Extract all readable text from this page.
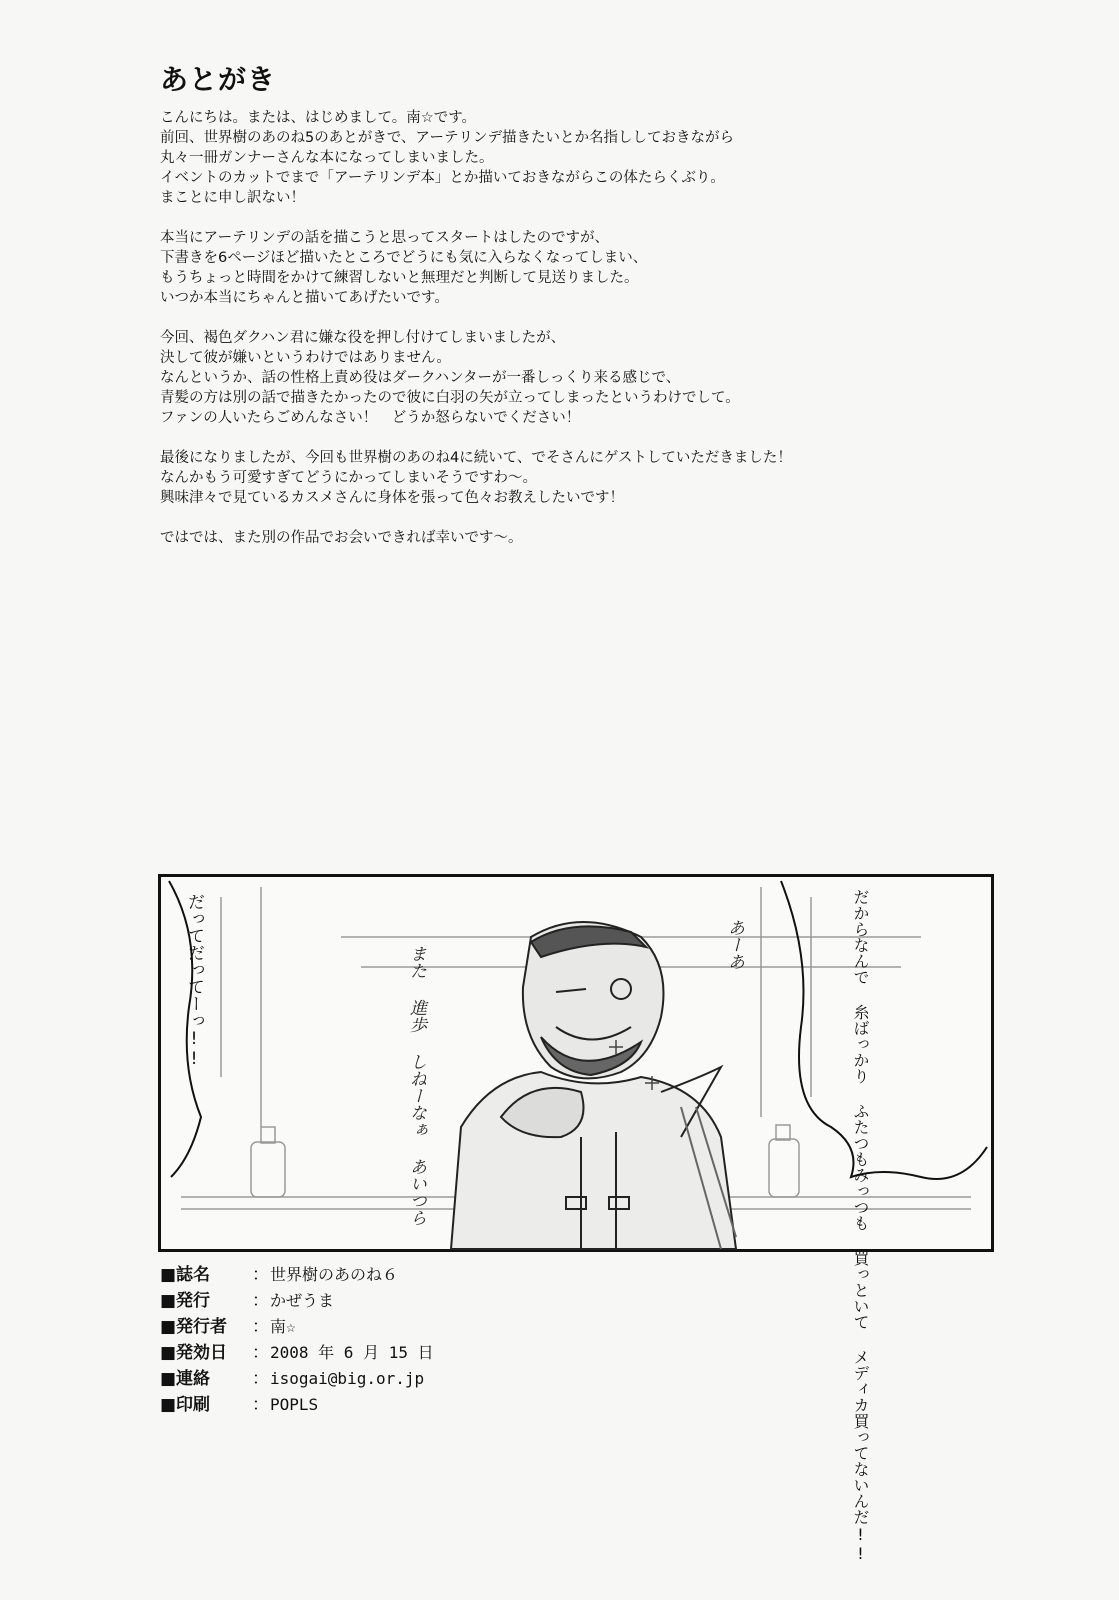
あとがき

こんにちは。または、はじめまして。南☆です。
前回、世界樹のあのね5のあとがきで、アーテリンデ描きたいとか名指ししておきながら
丸々一冊ガンナーさんな本になってしまいました。
イベントのカットでまで「アーテリンデ本」とか描いておきながらこの体たらくぶり。
まことに申し訳ない！

本当にアーテリンデの話を描こうと思ってスタートはしたのですが、
下書きを6ページほど描いたところでどうにも気に入らなくなってしまい、
もうちょっと時間をかけて練習しないと無理だと判断して見送りました。
いつか本当にちゃんと描いてあげたいです。

今回、褐色ダクハン君に嫌な役を押し付けてしまいましたが、
決して彼が嫌いというわけではありません。
なんというか、話の性格上責め役はダークハンターが一番しっくり来る感じで、
青髪の方は別の話で描きたかったので彼に白羽の矢が立ってしまったというわけでして。
ファンの人いたらごめんなさい！　どうか怒らないでください！

最後になりましたが、今回も世界樹のあのね4に続いて、でそさんにゲストしていただきました！
なんかもう可愛すぎてどうにかってしまいそうですわ～。
興味津々で見ているカスメさんに身体を張って色々お教えしたいです！

ではでは、また別の作品でお会いできれば幸いです～。

だからなんで 糸ばっかり ふたつもみっつも 買っといて メディカ買ってないんだ!!
だってだってーっ!!	また 進歩 しねーなぁ あいつら
あーあ
■誌名 ：世界樹のあのね６
■発行 ：かぜうま
■発行者 ：南☆
■発効日 ：2008 年 6 月 15 日
■連絡 ：isogai@big.or.jp
■印刷 ：POPLS
